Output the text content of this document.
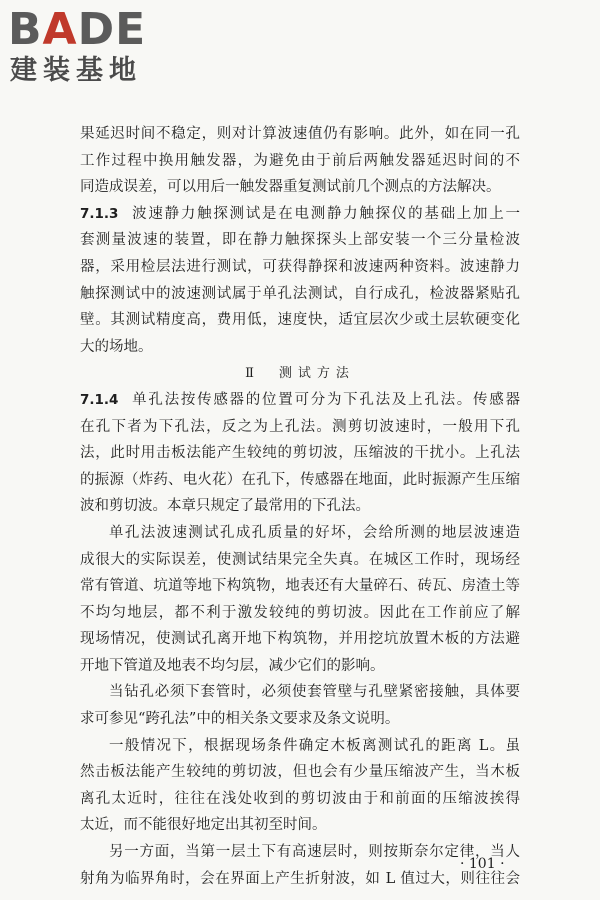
BADE
建装基地
果延迟时间不稳定，则对计算波速值仍有影响。此外，如在同一孔
工作过程中换用触发器，为避免由于前后两触发器延迟时间的不
同造成误差，可以用后一触发器重复测试前几个测点的方法解决。
7.1.3 波速静力触探测试是在电测静力触探仪的基础上加上一
套测量波速的装置，即在静力触探探头上部安装一个三分量检波
器，采用检层法进行测试，可获得静探和波速两种资料。波速静力
触探测试中的波速测试属于单孔法测试，自行成孔，检波器紧贴孔
壁。其测试精度高，费用低，速度快，适宜层次少或土层软硬变化
大的场地。
Ⅱ　测试方法
7.1.4 单孔法按传感器的位置可分为下孔法及上孔法。传感器
在孔下者为下孔法，反之为上孔法。测剪切波速时，一般用下孔
法，此时用击板法能产生较纯的剪切波，压缩波的干扰小。上孔法
的振源（炸药、电火花）在孔下，传感器在地面，此时振源产生压缩
波和剪切波。本章只规定了最常用的下孔法。
单孔法波速测试孔成孔质量的好坏，会给所测的地层波速造
成很大的实际误差，使测试结果完全失真。在城区工作时，现场经
常有管道、坑道等地下构筑物，地表还有大量碎石、砖瓦、房渣土等
不均匀地层，都不利于激发较纯的剪切波。因此在工作前应了解
现场情况，使测试孔离开地下构筑物，并用挖坑放置木板的方法避
开地下管道及地表不均匀层，减少它们的影响。
当钻孔必须下套管时，必须使套管壁与孔壁紧密接触，具体要
求可参见“跨孔法”中的相关条文要求及条文说明。
一般情况下，根据现场条件确定木板离测试孔的距离 L。虽
然击板法能产生较纯的剪切波，但也会有少量压缩波产生，当木板
离孔太近时，往往在浅处收到的剪切波由于和前面的压缩波挨得
太近，而不能很好地定出其初至时间。
另一方面，当第一层土下有高速层时，则按斯奈尔定律，当人
射角为临界角时，会在界面上产生折射波，如 L 值过大，则往往会
· 101 ·
